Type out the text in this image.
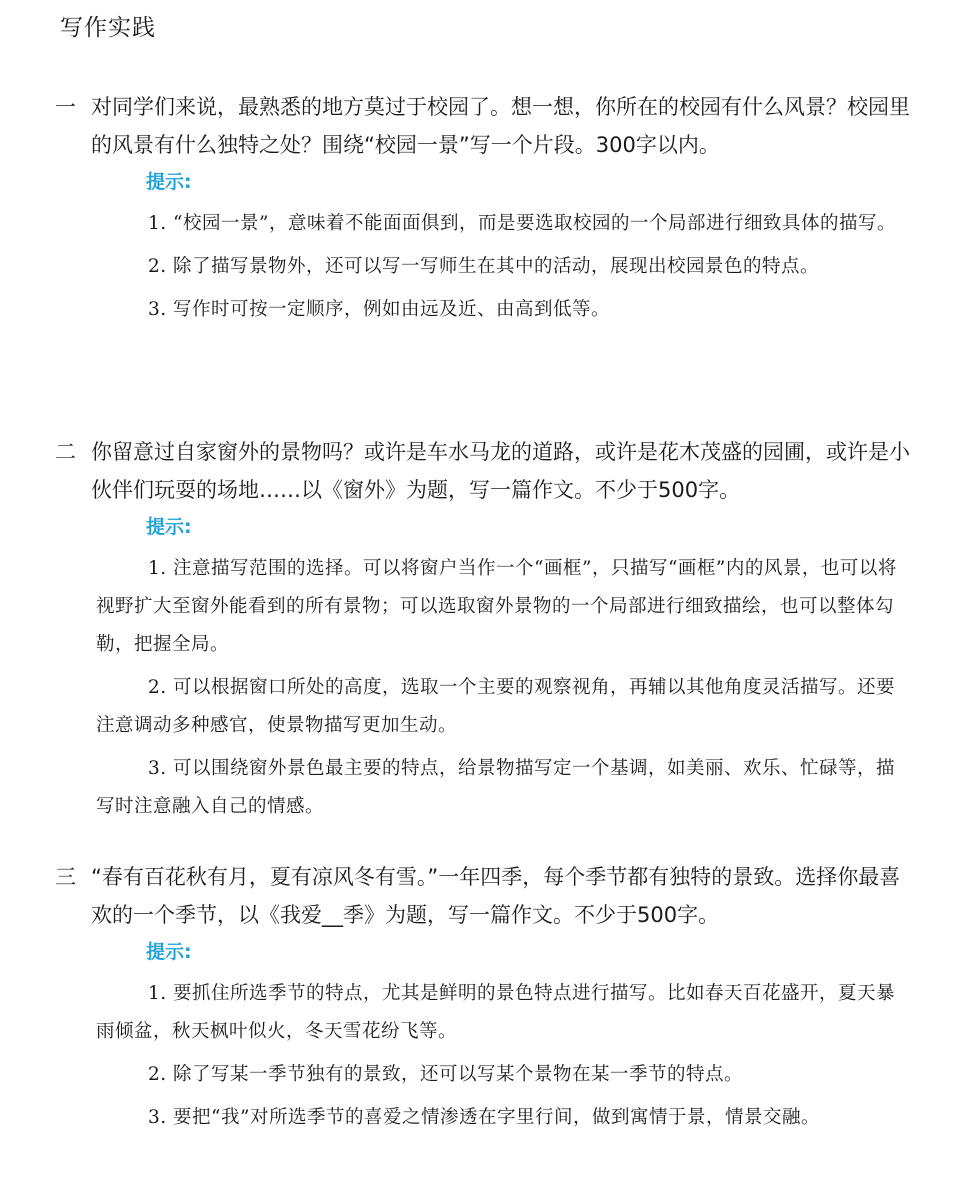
写作实践
一 对同学们来说，最熟悉的地方莫过于校园了。想一想，你所在的校园有什么风景？校园里的风景有什么独特之处？围绕“校园一景”写一个片段。300字以内。
提示:
1. “校园一景”，意味着不能面面俱到，而是要选取校园的一个局部进行细致具体的描写。
2. 除了描写景物外，还可以写一写师生在其中的活动，展现出校园景色的特点。
3. 写作时可按一定顺序，例如由远及近、由高到低等。
二 你留意过自家窗外的景物吗？或许是车水马龙的道路，或许是花木茂盛的园圃，或许是小伙伴们玩耍的场地……以《窗外》为题，写一篇作文。不少于500字。
提示:
1. 注意描写范围的选择。可以将窗户当作一个“画框”，只描写“画框”内的风景，也可以将视野扩大至窗外能看到的所有景物；可以选取窗外景物的一个局部进行细致描绘，也可以整体勾勒，把握全局。
2. 可以根据窗口所处的高度，选取一个主要的观察视角，再辅以其他角度灵活描写。还要注意调动多种感官，使景物描写更加生动。
3. 可以围绕窗外景色最主要的特点，给景物描写定一个基调，如美丽、欢乐、忙碌等，描写时注意融入自己的情感。
三 “春有百花秋有月，夏有凉风冬有雪。”一年四季，每个季节都有独特的景致。选择你最喜欢的一个季节，以《我爱__季》为题，写一篇作文。不少于500字。
提示:
1. 要抓住所选季节的特点，尤其是鲜明的景色特点进行描写。比如春天百花盛开，夏天暴雨倾盆，秋天枫叶似火，冬天雪花纷飞等。
2. 除了写某一季节独有的景致，还可以写某个景物在某一季节的特点。
3. 要把“我”对所选季节的喜爱之情渗透在字里行间，做到寓情于景，情景交融。
